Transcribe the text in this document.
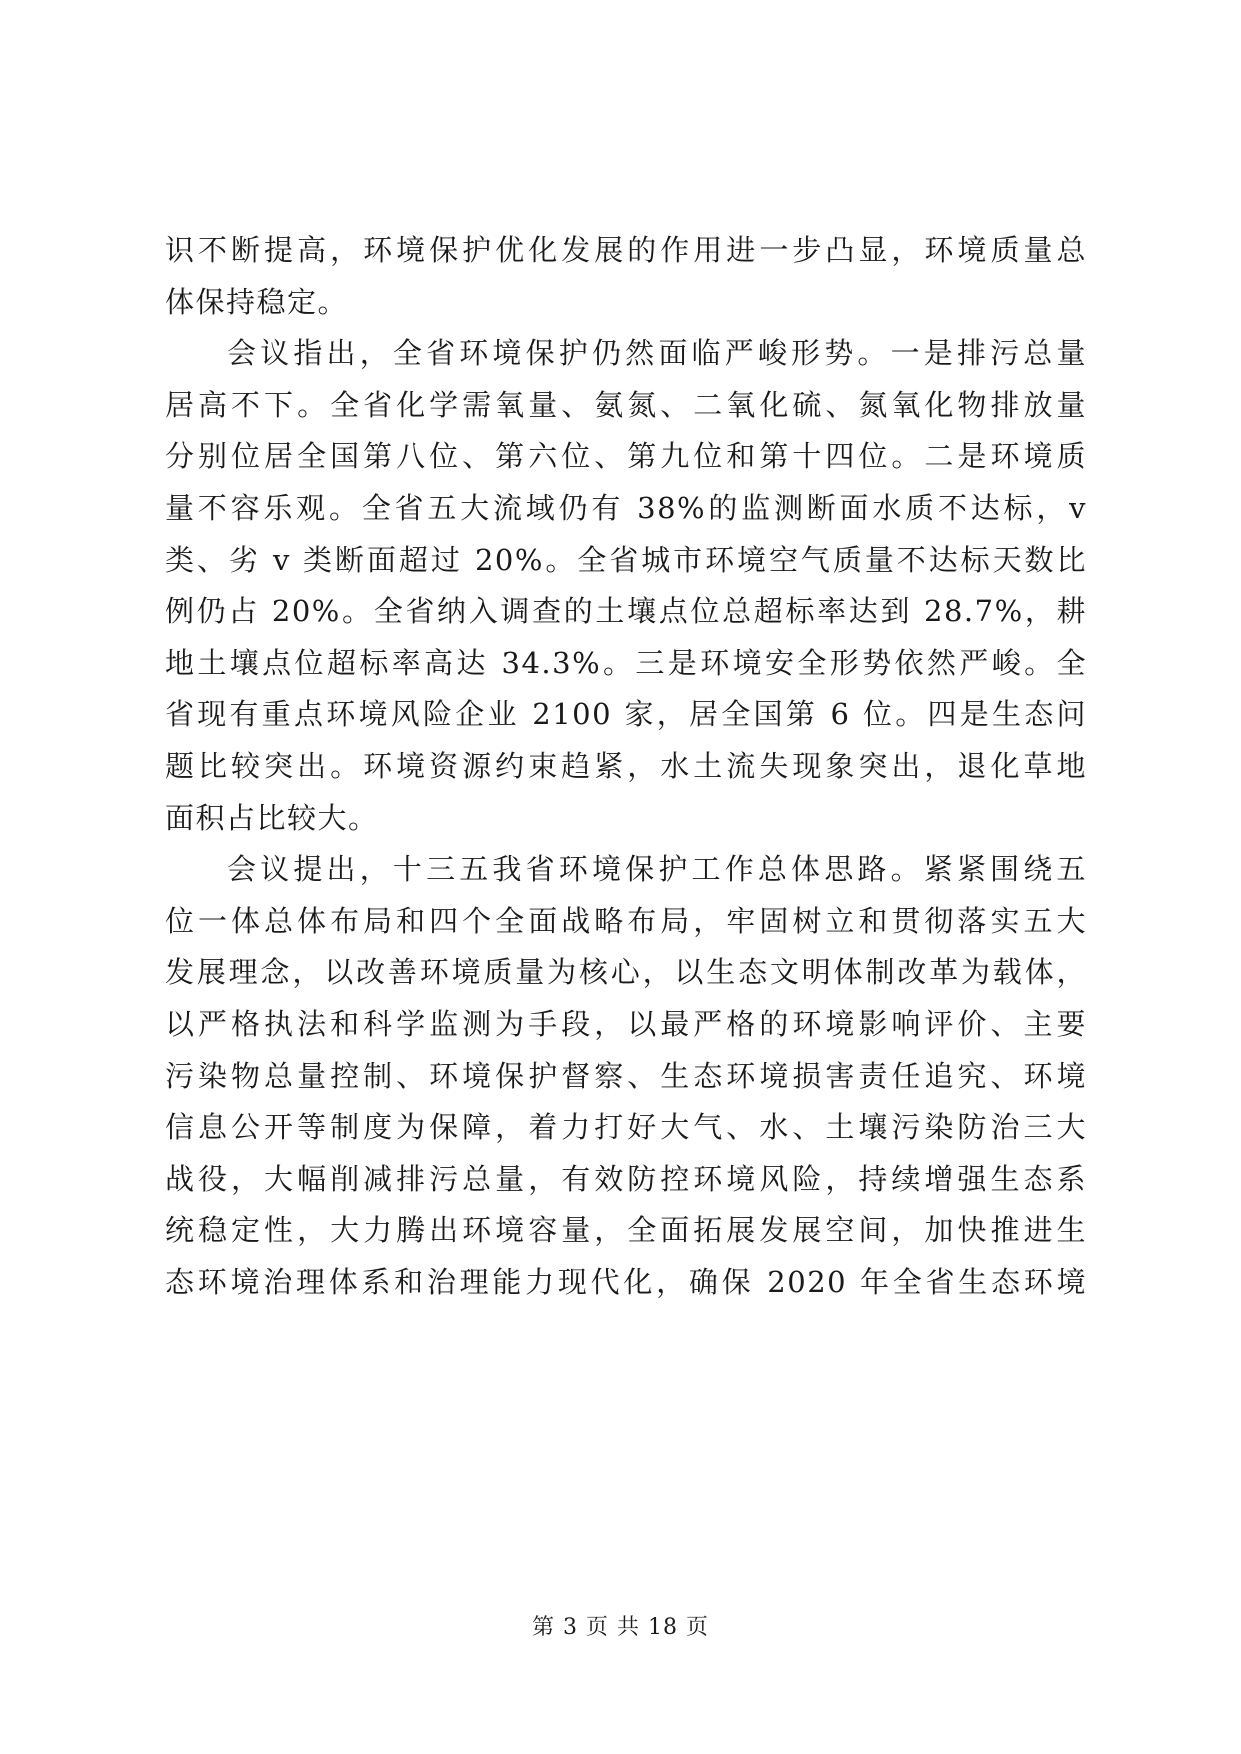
识不断提高，环境保护优化发展的作用进一步凸显，环境质量总
体保持稳定。
会议指出，全省环境保护仍然面临严峻形势。一是排污总量
居高不下。全省化学需氧量、氨氮、二氧化硫、氮氧化物排放量
分别位居全国第八位、第六位、第九位和第十四位。二是环境质
量不容乐观。全省五大流域仍有 38%的监测断面水质不达标，v
类、劣 v 类断面超过 20%。全省城市环境空气质量不达标天数比
例仍占 20%。全省纳入调查的土壤点位总超标率达到 28.7%，耕
地土壤点位超标率高达 34.3%。三是环境安全形势依然严峻。全
省现有重点环境风险企业 2100 家，居全国第 6 位。四是生态问
题比较突出。环境资源约束趋紧，水土流失现象突出，退化草地
面积占比较大。
会议提出，十三五我省环境保护工作总体思路。紧紧围绕五
位一体总体布局和四个全面战略布局，牢固树立和贯彻落实五大
发展理念，以改善环境质量为核心，以生态文明体制改革为载体，
以严格执法和科学监测为手段，以最严格的环境影响评价、主要
污染物总量控制、环境保护督察、生态环境损害责任追究、环境
信息公开等制度为保障，着力打好大气、水、土壤污染防治三大
战役，大幅削减排污总量，有效防控环境风险，持续增强生态系
统稳定性，大力腾出环境容量，全面拓展发展空间，加快推进生
态环境治理体系和治理能力现代化，确保 2020 年全省生态环境
第 3 页 共 18 页
